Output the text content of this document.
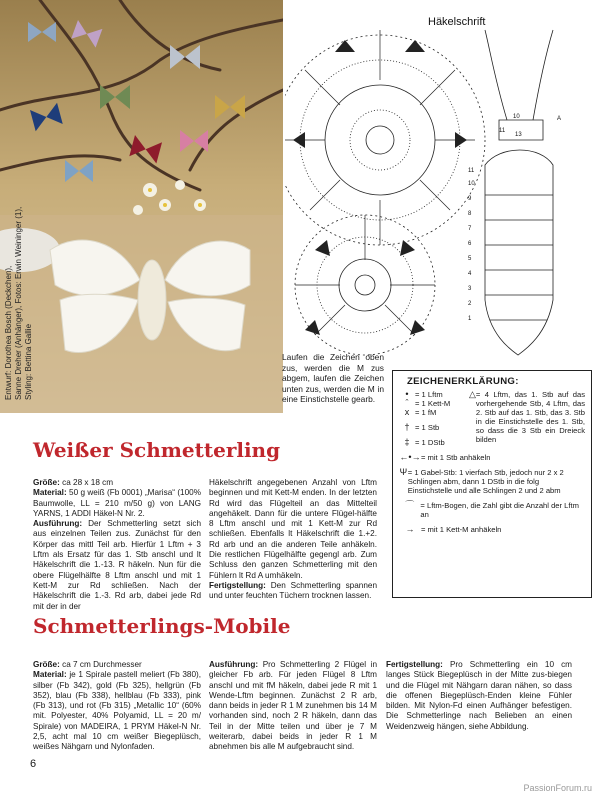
Entwurf: Dorothea Bosch (Deckchen), Sanne Dreher (Anhänger), Fotos: Erwin Weininger (1), Styling: Bettina Gallie
Häkelschrift
10
11
13
11
10
9
8
7
6
5
4
3
2
1
A
Laufen die Zeichen oben zus, werden die M zus abgem, laufen die Zeichen unten zus, werden die M in eine Einstichstelle gearb.
ZEICHENERKLÄRUNG:
• = 1 Lftm
ˆ = 1 Kett-M
x = 1 fM
† = 1 Stb
‡ = 1 DStb
△ = 4 Lftm, das 1. Stb auf das vorhergehende Stb, 4 Lftm, das 2. Stb auf das 1. Stb, das 3. Stb in die Einstichstelle des 1. Stb, so dass die 3 Stb ein Dreieck bilden
←•→ = mit 1 Stb anhäkeln
Ψ = 1 Gabel-Stb: 1 vierfach Stb, jedoch nur 2 x 2 Schlingen abm, dann 1 DStb in die folg Einstichstelle und alle Schlingen 2 und 2 abm
⌒ = Lftm-Bogen, die Zahl gibt die Anzahl der Lftm an
→ = mit 1 Kett-M anhäkeln
Weißer Schmetterling

Größe: ca 28 x 18 cm

Material: 50 g weiß (Fb 0001) „Marisa“ (100% Baumwolle, LL = 210 m/50 g) von LANG YARNS, 1 ADDI Häkel-N Nr. 2.

Ausführung: Der Schmetterling setzt sich aus einzelnen Teilen zus. Zunächst für den Körper das mittl Teil arb. Hierfür 1 Lftm + 3 Lftm als Ersatz für das 1. Stb anschl und lt Häkelschrift die 1.-13. R häkeln. Nun für die obere Flügelhälfte 8 Lftm anschl und mit 1 Kett-M zur Rd schließen. Nach der Häkelschrift die 1.-3. Rd arb, dabei jede Rd mit der in der

Häkelschrift angegebenen Anzahl von Lftm beginnen und mit Kett-M enden. In der letzten Rd wird das Flügelteil an das Mittelteil angehäkelt. Dann für die untere Flügel-hälfte 8 Lftm anschl und mit 1 Kett-M zur Rd schließen. Ebenfalls lt Häkelschrift die 1.+2. Rd arb und an die anderen Teile anhäkeln. Die restlichen Flügelhälfte gegengl arb. Zum Schluss den ganzen Schmetterling mit den Fühlern lt Rd A umhäkeln.

Fertigstellung: Den Schmetterling spannen und unter feuchten Tüchern trocknen lassen.

Schmetterlings-Mobile

Größe: ca 7 cm Durchmesser

Material: je 1 Spirale pastell meliert (Fb 380), silber (Fb 342), gold (Fb 325), hellgrün (Fb 352), blau (Fb 338), hellblau (Fb 333), pink (Fb 313), und rot (Fb 315) „Metallic 10“ (60% mit. Polyester, 40% Polyamid, LL = 20 m/ Spirale) von MADEIRA, 1 PRYM Häkel-N Nr. 2,5, acht mal 10 cm weißer Biegeplüsch, weißes Nähgarn und Nylonfaden.

Ausführung: Pro Schmetterling 2 Flügel in gleicher Fb arb. Für jeden Flügel 8 Lftm anschl und mit fM häkeln, dabei jede R mit 1 Wende-Lftm beginnen. Zunächst 2 R arb, dann beids in jeder R 1 M zunehmen bis 14 M vorhanden sind, noch 2 R häkeln, dann das Teil in der Mitte teilen und über je 7 M weiterarb, dabei beids in jeder R 1 M abnehmen bis alle M aufgebraucht sind.

Fertigstellung: Pro Schmetterling ein 10 cm langes Stück Biegeplüsch in der Mitte zus-biegen und die Flügel mit Nähgarn daran nähen, so dass die offenen Biegeplüsch-Enden kleine Fühler bilden. Mit Nylon-Fd einen Aufhänger befestigen. Die Schmetterlinge nach Belieben an einen Weidenzweig hängen, siehe Abbildung.

6
PassionForum.ru
